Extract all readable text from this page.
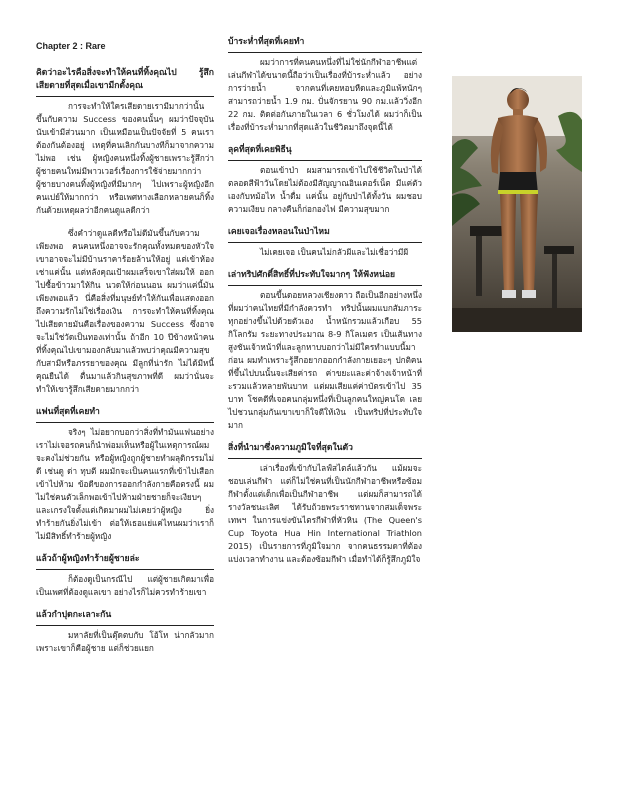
Chapter 2 : Rare
คิดว่าอะไรคือสิ่งจะทำให้คนที่ทิ้งคุณไป รู้สึกเสียดายที่สุดเมื่อเขามีกตั้งคุณ

การจะทำให้ใครเสียดายเรามีมากว่านั้นขึ้นกับความ Success ของคนนั้นๆ ผมว่าปัจจุบันนับเข้ามีส่วนมาก เป็นเหมือนเป็นปัจจัยที่ 5 คนเราต้องกันต้องอยู่ เหตุที่คนเลิกกันบางทีก็มาจากความไม่พอ เช่น ผู้หญิงคนหนึ่งทิ้งผู้ชายเพราะรู้สึกว่าผู้ชายคนใหม่มีพาวเวอร์เรื่องการใช้จ่ายมากกว่า ผู้ชายบางคนทิ้งผู้หญิงที่มีมากๆ ไปเพราะผู้หญิงอีกคนเปย์ให้มากกว่า หรือเพศทางเลือกหลายคนก็ทิ้งกันด้วยเหตุผลว่าอีกคนดูแลดีกว่า

ซึ่งคำว่าดูแลดีหรือไม่ดีมันขึ้นกับความเพียงพอ คนคนหนึ่งอาจจะรักคุณทั้งหมดของหัวใจ เขาอาจจะไม่มีบ้านราคาร้อยล้านให้อยู่ แต่เข้าห้องเช่าแค่นั้น แต่หลังคุณเป้าผมเสร็จเขาใส่ผมให้ ออกไปซื้อข้าวมาให้กิน นวดให้ก่อนนอน ผมว่าแค่นี้มันเพียงพอแล้ว นี่คือสิ่งที่มนุษย์ทำให้กันเพื่อแสดงออกถึงความรักไม่ใช่เรื่องเงิน การจะทำให้คนที่ทิ้งคุณไปเสียดายมันคือเรื่องของความ Success ซึ่งอาจจะไม่ใช่วัดเป็นทองเท่านั้น ถ้าอีก 10 ปีข้างหน้าคนที่ทิ้งคุณไปเขามองกลับมาแล้วพบว่าคุณมีความสุขกับสามีหรือภรรยาของคุณ มีลูกที่น่ารัก ไม่ได้มีหนี้ คุณยืนได้ ตื่นมาแล้วกินสุขภาพที่ดี ผมว่านั่นจะทำให้เขารู้สึกเสียดายมากกว่า

แฟนที่สุดที่เคยทำ

จริงๆ ไม่อยากบอกว่าสิ่งที่ทำมันแฟนอย่างเราไม่เจอรถคนก็นำพ่อมเห็นหรือผู้ในเหตุการณ์ผมจะคงไม่ช่วยกัน หรือผู้หญิงถูกผู้ชายทำผลุดิกรรมไม่ดี เช่นดู ด่า ทุบตี ผมมักจะเป็นคนแรกที่เข้าไปเสือก เข้าไปห้าม ข้อดีของการออกกำลังกายคือตรงนี้ ผมไม่ใช่คนตัวเล็กพอเข้าไปห้ามฝ่ายชายก็จะเงียบๆ และเกรงใจตั้งแต่เกิดมาผมไม่เคยว่าผู้หญิง ยิ่งทำร้ายกันยิ่งไม่เข้า ต่อให้เธอแย่แค่ไหนผมว่าเราก็ไม่มีสิทธิ์ทำร้ายผู้หญิง

แล้วถ้าผู้หญิงทำร้ายผู้ชายล่ะ

ก็ต้องดูเป็นกรณีไป แต่ผู้ชายเกิดมาเพื่อเป็นเพศที่ต้องดูแลเขา อย่างไรก็ไม่ควรทำร้ายเขา

แล้วกำปุดกะเลาะกัน

มหาลัยที่เป็นตุ๊ดตบกับ โอ้โห น่ากลัวมาก เพราะเขาก็คือผู้ชาย แต่ก็ช่วยแยก

บ้าระห่ำที่สุดที่เคยทำ

ผมว่าการที่คนคนหนึ่งที่ไม่ใช่นักกีฬาอาชีพแต่เล่นกีฬาได้ขนาดนี้ถือว่าเป็นเรื่องที่บ้าระห่ำแล้ว อย่างการว่ายน้ำ จากคนที่เคยหอบหืดและภูมิแพ้หนักๆ สามารถว่ายน้ำ 1.9 กม. ปั่นจักรยาน 90 กม.แล้ววิ่งอีก 22 กม. ติดต่อกันภายในเวลา 6 ชั่วโมงได้ ผมว่าก็เป็นเรื่องที่บ้าระห่ำมากที่สุดแล้วในชีวิตมาถึงจุดนี้ได้

ลุคที่สุดที่เคยพิธีนุ

ตอนเข้าป่า ผมสามารถเข้าไปใช้ชีวิตในป่าได้ตลอดสีฟ้าวันโดยไม่ต้องมีสัญญาณอินเตอร์เน็ต มีแค่ตัวเองกับหม้อไห น้ำดื่ม แค่นั้น อยู่กับป่าได้ทั้งวัน ผมชอบความเงียบ กลางคืนก็ก่อกองไฟ มีความสุขมาก

เคยเจอเรื่องหลอนในป่าไหม

ไม่เคยเจอ เป็นคนไม่กลัวผีและไม่เชื่อว่ามีผี

เล่าทริปศักดิ์สิทธิ์ที่ประทับใจมากๆ ให้ฟังหน่อย

ตอนขึ้นดอยหลวงเชียงดาว ถือเป็นอีกอย่างหนึ่งที่ผมว่าคนไทยที่มีกำลังควรทำ ทริปนั้นผมแบกสัมภาระทุกอย่างขึ้นไปด้วยตัวเอง น้ำหนักรวมแล้วเกือบ 55 กิโลกรัม ระยะทางประมาณ 8-9 กิโลเมตร เป็นเส้นทางสูงชันเจ้าหน้าที่และลูกหาบบอกว่าไม่มีใครทำแบบนี้มาก่อน ผมทำเพราะรู้สึกอยากออกกำลังกายเยอะๆ ปกติคนที่ขึ้นไปบนนั้นจะเสียค่ารถ ค่าขยะและค่าจ้างเจ้าหน้าที่ ะรวมแล้วหลายพันบาท แต่ผมเสียแค่ค่าบัตรเข้าไป 35 บาท โชคดีที่เจอคนกลุ่มหนึ่งที่เป็นลูกคนใหญ่คนโต เลยไปชวนกลุ่มกันเขาเขาก็ใจดีให้เงิน เป็นทริปที่ประทับใจมาก

สิ่งที่นำมาซึ่งความภูมิใจที่สุดในตัว

เล่าเรื่องที่เข้ากับไลฟ์สไตล์แล้วกัน แม้ผมจะชอบเล่นกีฬา แต่ก็ไม่ใช่คนที่เป็นนักกีฬาอาชีพหรือซ้อมกีฬาตั้งแต่เด็กเพื่อเป็นกีฬาอาชีพ แต่ผมก็สามารถได้รางวัลชนะเลิศ ได้รับถ้วยพระราชทานจากสมเด็จพระเทพฯ ในการแข่งขันไตรกีฬาที่หัวหิน (The Queen's Cup Toyota Hua Hin International Triathlon 2015) เป็นรายการที่ภูมิใจมาก จากคนธรรมดาที่ต้องแบ่งเวลาทำงาน และต้องซ้อมกีฬา เมื่อทำได้ก็รู้สึกภูมิใจ
